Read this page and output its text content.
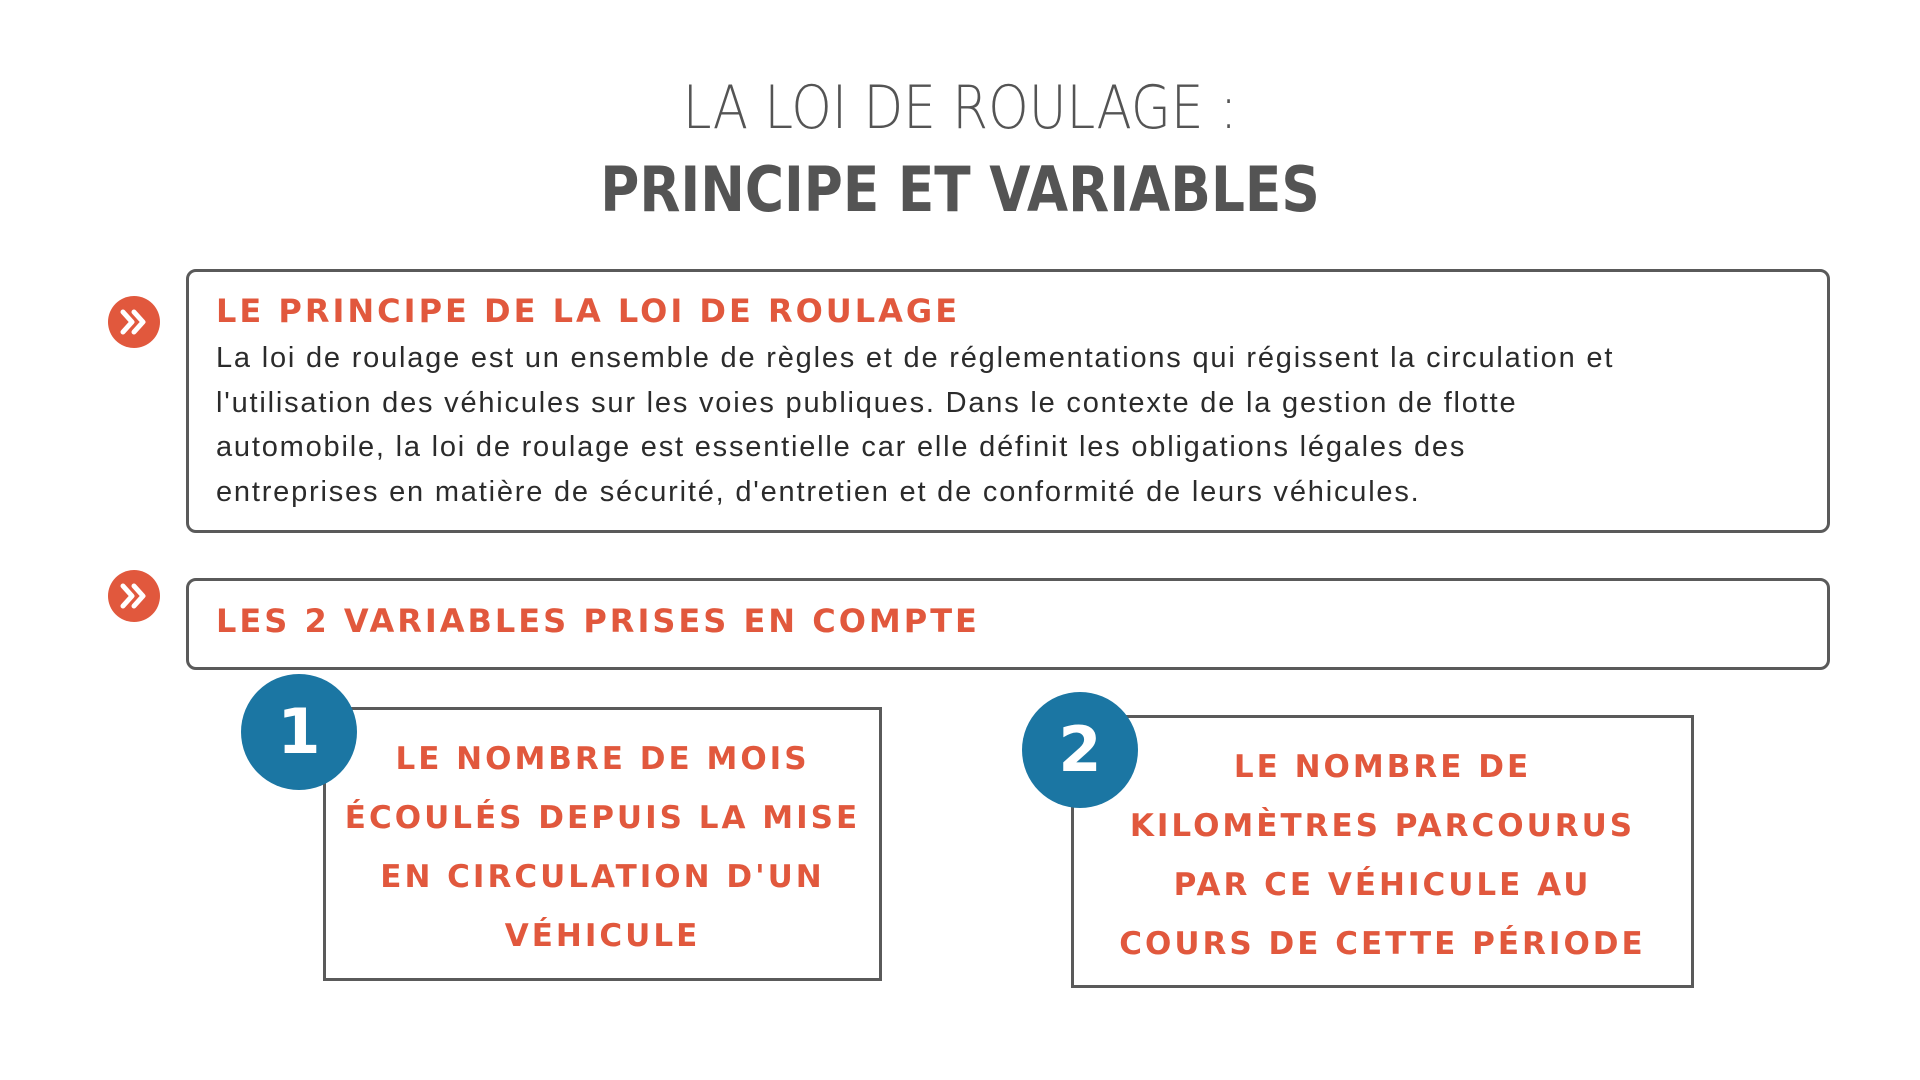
LA LOI DE ROULAGE :
PRINCIPE ET VARIABLES
LE PRINCIPE DE LA LOI DE ROULAGE

La loi de roulage est un ensemble de règles et de réglementations qui régissent la circulation et
l'utilisation des véhicules sur les voies publiques. Dans le contexte de la gestion de flotte
automobile, la loi de roulage est essentielle car elle définit les obligations légales des
entreprises en matière de sécurité, d'entretien et de conformité de leurs véhicules.

LES 2 VARIABLES PRISES EN COMPTE
1	LE NOMBRE DE MOIS
ÉCOULÉS DEPUIS LA MISE
EN CIRCULATION D'UN
VÉHICULE

2	LE NOMBRE DE
KILOMÈTRES PARCOURUS
PAR CE VÉHICULE AU
COURS DE CETTE PÉRIODE
